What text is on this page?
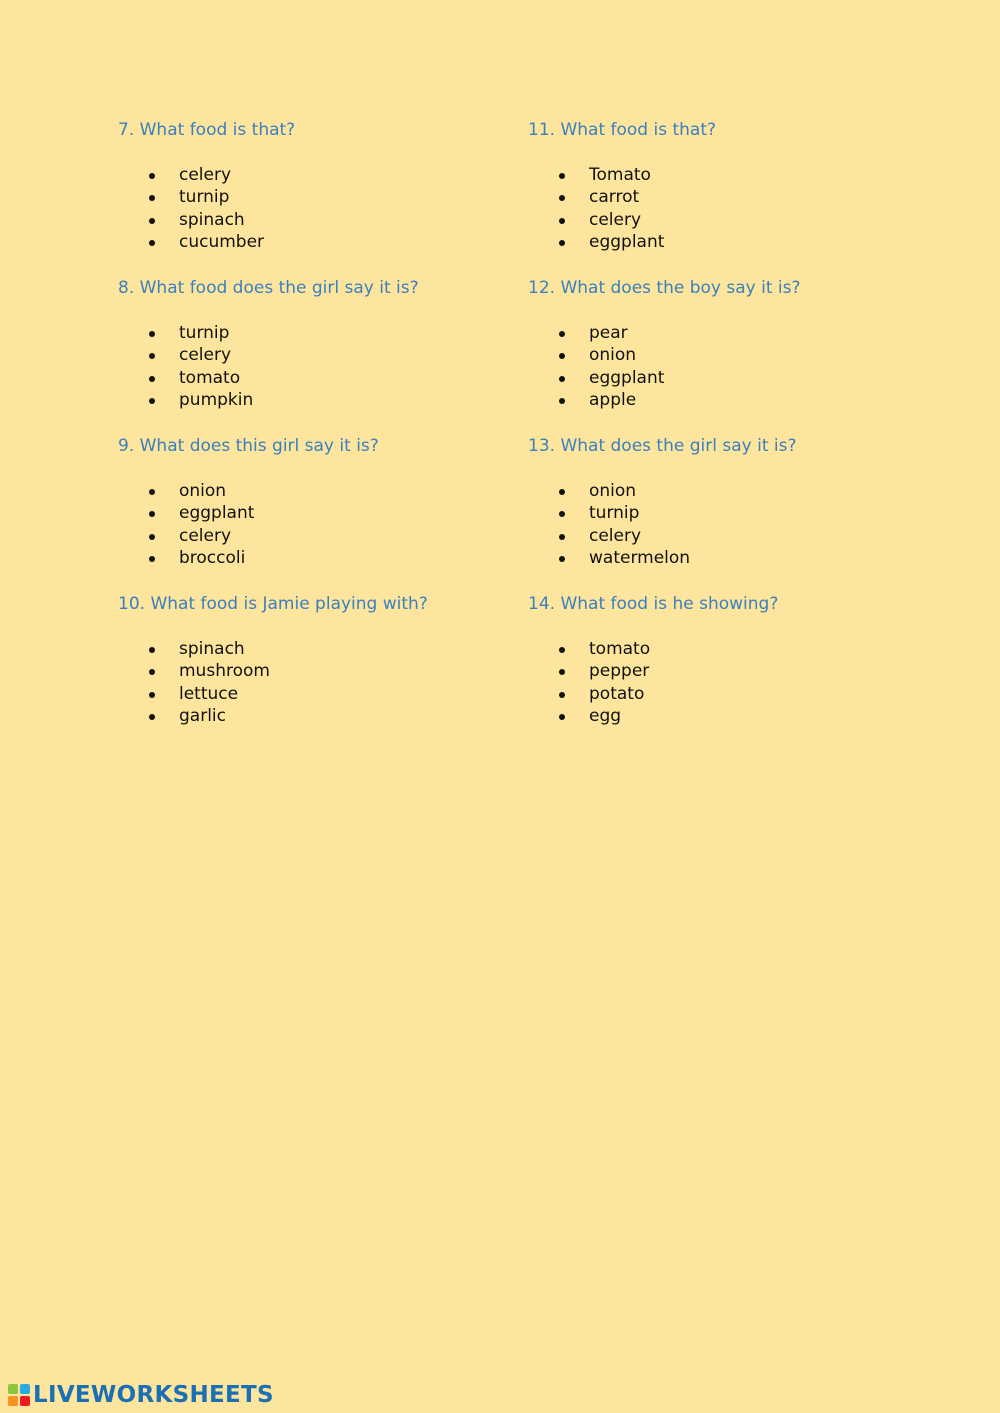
7. What food is that?
celery
turnip
spinach
cucumber
8. What food does the girl say it is?
turnip
celery
tomato
pumpkin
9. What does this girl say it is?
onion
eggplant
celery
broccoli
10. What food is Jamie playing with?
spinach
mushroom
lettuce
garlic
11. What food is that?
Tomato
carrot
celery
eggplant
12. What does the boy say it is?
pear
onion
eggplant
apple
13. What does the girl say it is?
onion
turnip
celery
watermelon
14. What food is he showing?
tomato
pepper
potato
egg
LIVEWORKSHEETS
